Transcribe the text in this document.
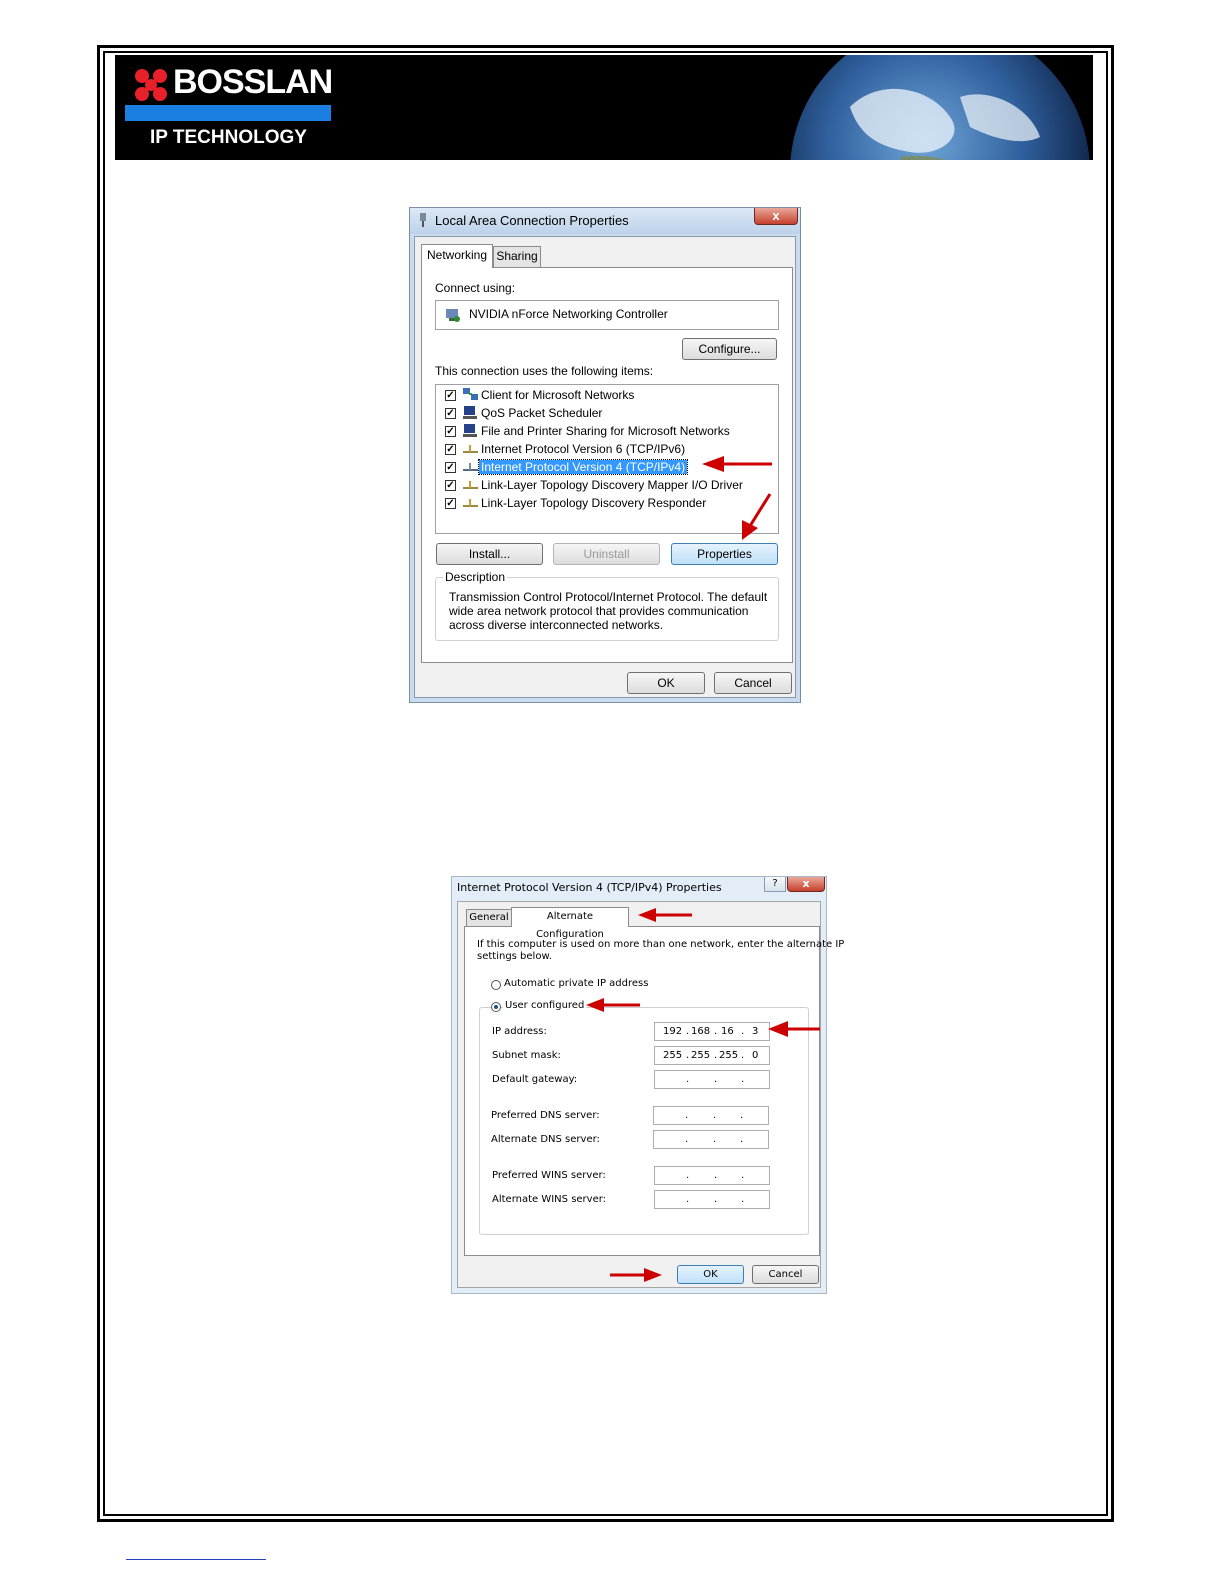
BOSSLAN
IP TECHNOLOGY
Local Area Connection Properties	x
Networking Sharing
Connect using:
NVIDIA nForce Networking Controller
Configure...
This connection uses the following items:
✓ Client for Microsoft Networks
✓ QoS Packet Scheduler
✓ File and Printer Sharing for Microsoft Networks
✓ Internet Protocol Version 6 (TCP/IPv6)
✓ Internet Protocol Version 4 (TCP/IPv4)
✓ Link-Layer Topology Discovery Mapper I/O Driver
✓ Link-Layer Topology Discovery Responder
Install...	Uninstall	Properties
Description
Transmission Control Protocol/Internet Protocol. The default
wide area network protocol that provides communication
across diverse interconnected networks.
OK	Cancel
Internet Protocol Version 4 (TCP/IPv4) Properties	?	x
General	Alternate Configuration
If this computer is used on more than one network, enter the alternate IP
settings below.
Automatic private IP address
User configured
IP address:	192 . 168 . 16 . 3
Subnet mask:	255 . 255 . 255 . 0
Default gateway:	. . .
Preferred DNS server:	. . .
Alternate DNS server:	. . .
Preferred WINS server:	. . .
Alternate WINS server:	. . .
OK	Cancel
